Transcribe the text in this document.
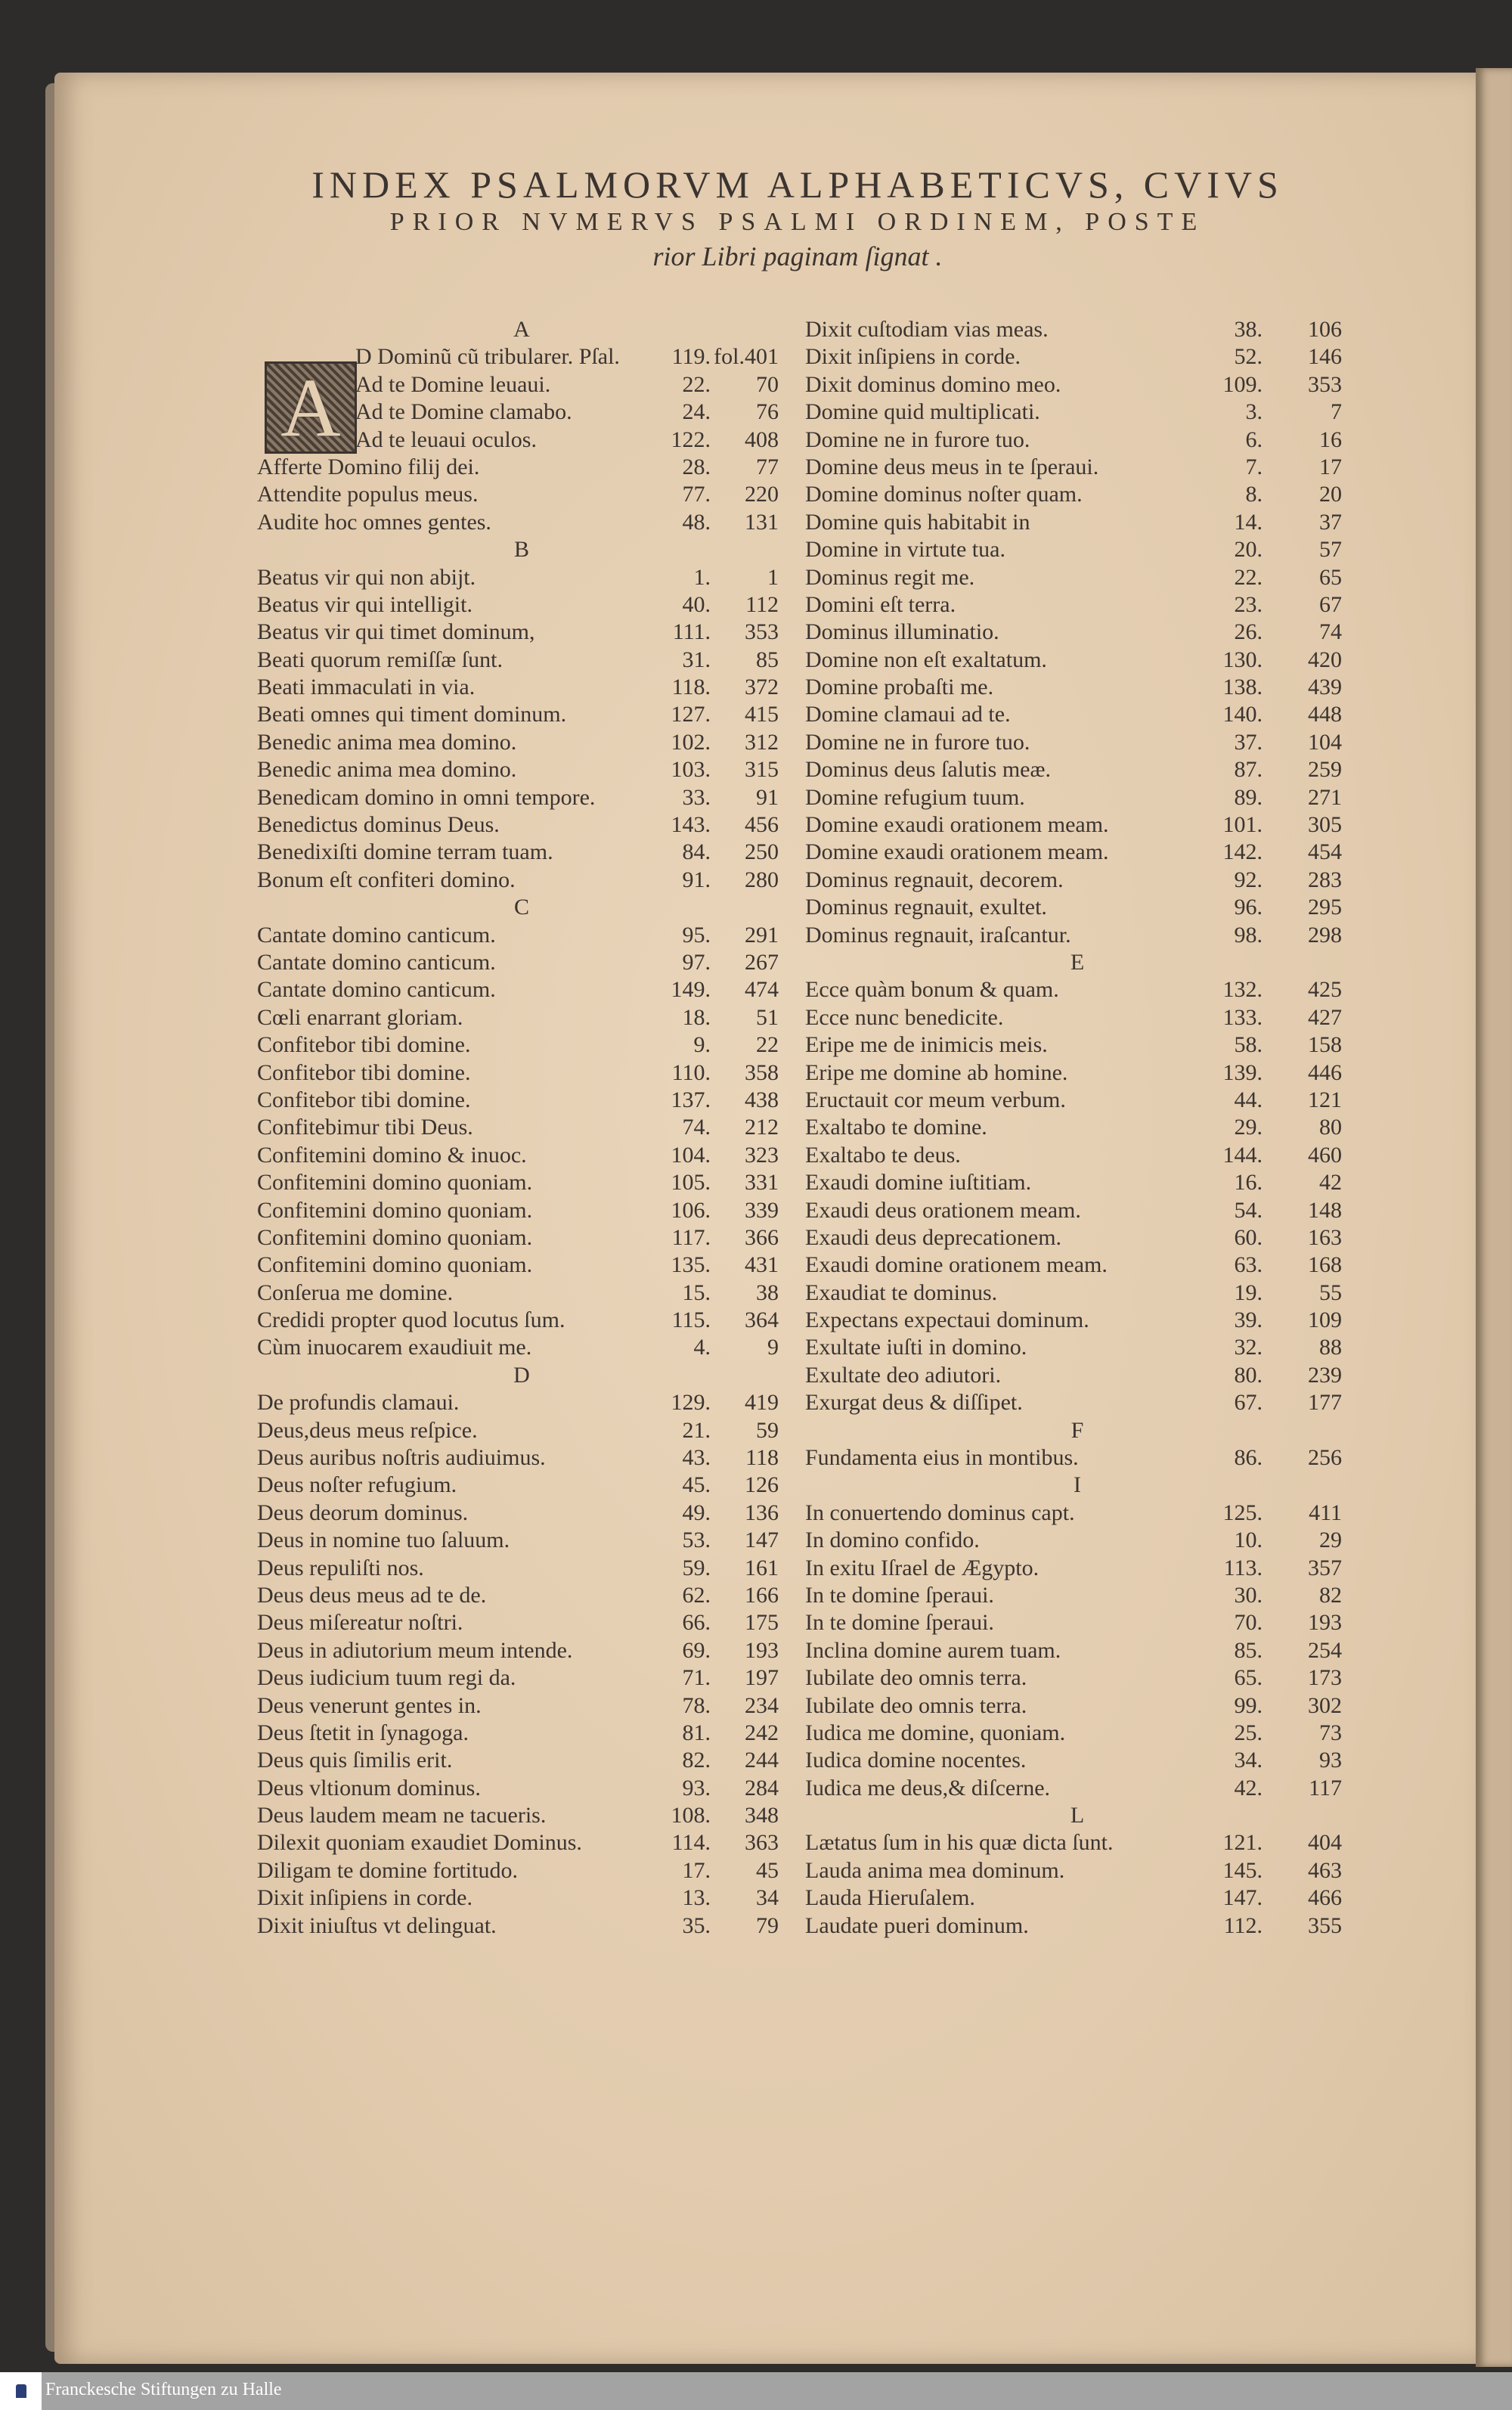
INDEX PSALMORVM ALPHABETICVS, CVIVS
PRIOR NVMERVS PSALMI ORDINEM, POSTE
rior Libri paginam ſignat .
A
A
D Dominũ cũ tribularer. Pſal.	119. fol.401
Ad te Domine leuaui.	22.	70
Ad te Domine clamabo.	24.	76
Ad te leuaui oculos.	122.	408
Afferte Domino filij dei.	28.	77
Attendite populus meus.	77.	220
Audite hoc omnes gentes.	48.	131
B
Beatus vir qui non abijt.	1.	1
Beatus vir qui intelligit.	40.	112
Beatus vir qui timet dominum,	111.	353
Beati quorum remiſſæ ſunt.	31.	85
Beati immaculati in via.	118.	372
Beati omnes qui timent dominum.	127.	415
Benedic anima mea domino.	102.	312
Benedic anima mea domino.	103.	315
Benedicam domino in omni tempore.	33.	91
Benedictus dominus Deus.	143.	456
Benedixiſti domine terram tuam.	84.	250
Bonum eſt confiteri domino.	91.	280
C
Cantate domino canticum.	95.	291
Cantate domino canticum.	97.	267
Cantate domino canticum.	149.	474
Cœli enarrant gloriam.	18.	51
Confitebor tibi domine.	9.	22
Confitebor tibi domine.	110.	358
Confitebor tibi domine.	137.	438
Confitebimur tibi Deus.	74.	212
Confitemini domino & inuoc.	104.	323
Confitemini domino quoniam.	105.	331
Confitemini domino quoniam.	106.	339
Confitemini domino quoniam.	117.	366
Confitemini domino quoniam.	135.	431
Conſerua me domine.	15.	38
Credidi propter quod locutus ſum.	115.	364
Cùm inuocarem exaudiuit me.	4.	9
D
De profundis clamaui.	129.	419
Deus,deus meus reſpice.	21.	59
Deus auribus noſtris audiuimus.	43.	118
Deus noſter refugium.	45.	126
Deus deorum dominus.	49.	136
Deus in nomine tuo ſaluum.	53.	147
Deus repuliſti nos.	59.	161
Deus deus meus ad te de.	62.	166
Deus miſereatur noſtri.	66.	175
Deus in adiutorium meum intende.	69.	193
Deus iudicium tuum regi da.	71.	197
Deus venerunt gentes in.	78.	234
Deus ſtetit in ſynagoga.	81.	242
Deus quis ſimilis erit.	82.	244
Deus vltionum dominus.	93.	284
Deus laudem meam ne tacueris.	108.	348
Dilexit quoniam exaudiet Dominus.	114.	363
Diligam te domine fortitudo.	17.	45
Dixit inſipiens in corde.	13.	34
Dixit iniuſtus vt delinguat.	35.	79
Dixit cuſtodiam vias meas.	38.	106
Dixit inſipiens in corde.	52.	146
Dixit dominus domino meo.	109.	353
Domine quid multiplicati.	3.	7
Domine ne in furore tuo.	6.	16
Domine deus meus in te ſperaui.	7.	17
Domine dominus noſter quam.	8.	20
Domine quis habitabit in	14.	37
Domine in virtute tua.	20.	57
Dominus regit me.	22.	65
Domini eſt terra.	23.	67
Dominus illuminatio.	26.	74
Domine non eſt exaltatum.	130.	420
Domine probaſti me.	138.	439
Domine clamaui ad te.	140.	448
Domine ne in furore tuo.	37.	104
Dominus deus ſalutis meæ.	87.	259
Domine refugium tuum.	89.	271
Domine exaudi orationem meam.	101.	305
Domine exaudi orationem meam.	142.	454
Dominus regnauit, decorem.	92.	283
Dominus regnauit, exultet.	96.	295
Dominus regnauit, iraſcantur.	98.	298
E
Ecce quàm bonum & quam.	132.	425
Ecce nunc benedicite.	133.	427
Eripe me de inimicis meis.	58.	158
Eripe me domine ab homine.	139.	446
Eructauit cor meum verbum.	44.	121
Exaltabo te domine.	29.	80
Exaltabo te deus.	144.	460
Exaudi domine iuſtitiam.	16.	42
Exaudi deus orationem meam.	54.	148
Exaudi deus deprecationem.	60.	163
Exaudi domine orationem meam.	63.	168
Exaudiat te dominus.	19.	55
Expectans expectaui dominum.	39.	109
Exultate iuſti in domino.	32.	88
Exultate deo adiutori.	80.	239
Exurgat deus & diſſipet.	67.	177
F
Fundamenta eius in montibus.	86.	256
I
In conuertendo dominus capt.	125.	411
In domino confido.	10.	29
In exitu Iſrael de Ægypto.	113.	357
In te domine ſperaui.	30.	82
In te domine ſperaui.	70.	193
Inclina domine aurem tuam.	85.	254
Iubilate deo omnis terra.	65.	173
Iubilate deo omnis terra.	99.	302
Iudica me domine, quoniam.	25.	73
Iudica domine nocentes.	34.	93
Iudica me deus,& diſcerne.	42.	117
L
Lætatus ſum in his quæ dicta ſunt.	121.	404
Lauda anima mea dominum.	145.	463
Lauda Hieruſalem.	147.	466
Laudate pueri dominum.	112.	355
Franckesche Stiftungen zu Halle
